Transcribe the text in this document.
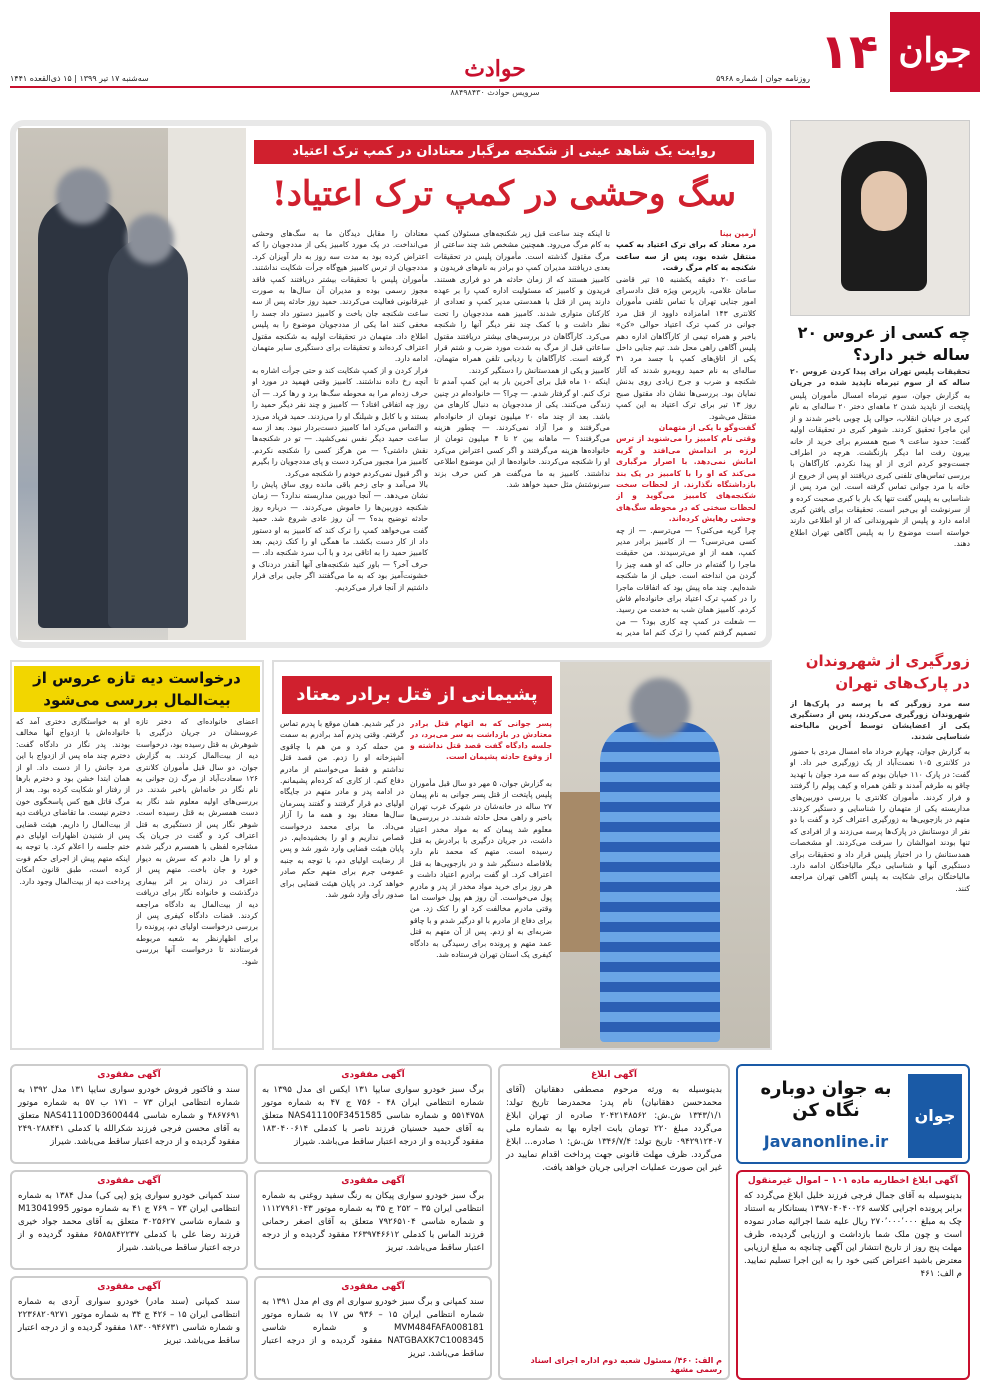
جوان
۱۴
روزنامه جوان | شماره ۵۹۶۸
حوادث
سرویس حوادث ۸۸۴۹۸۴۳۰
سه‌شنبه ۱۷ تیر ۱۳۹۹ | ۱۵ ذی‌القعده ۱۴۴۱
روایت یک شاهد عینی از شکنجه مرگبار معتادان در کمپ ترک اعتیاد
سگ وحشی در کمپ ترک اعتیاد!
آرمین بینا
مرد معتاد که برای ترک اعتیاد به کمپ منتقل شده بود، پس از سه ساعت شکنجه به کام مرگ رفت.
ساعت ۲۰ دقیقه یکشنبه ۱۵ تیر قاضی سامان غلامی، بازپرس ویژه قتل دادسرای امور جنایی تهران با تماس تلفنی مأموران کلانتری ۱۴۳ امامزاده داوود از قتل مرد جوانی در کمپ ترک اعتیاد حوالی «کن» باخبر و همراه تیمی از کارآگاهان اداره دهم پلیس آگاهی راهی محل شد. تیم جنایی داخل یکی از اتاق‌های کمپ با جسد مرد ۳۱ ساله‌ای به نام حمید روبه‌رو شدند که آثار شکنجه و ضرب و جرح زیادی روی بدنش نمایان بود. بررسی‌ها نشان داد مقتول صبح روز ۱۳ تیر برای ترک اعتیاد به این کمپ منتقل می‌شود.
گفت‌وگو با یکی از متهمان
وقتی نام کامبیز را می‌شنوید از ترس لرزه بر اندامش می‌افتد و گریه امانش نمی‌دهد. با اصرار مرگباری می‌کند که او را با کامبیز در یک بند بازداشتگاه نگذارند. از لحظات سخت شکنجه‌های کامبیز می‌گوید و از لحظات سختی که در محوطه سگ‌های وحشی رهایش کرده‌اند.
چرا گریه می‌کنی؟ — می‌ترسم. — از چه کسی می‌ترسی؟ — از کامبیز برادر مدیر کمپ، همه از او می‌ترسیدند. من حقیقت ماجرا را گفته‌ام در حالی که او همه چیز را گردن من انداخته است. خیلی از ما شکنجه شده‌ایم. چند ماه پیش بود که اتفاقات ماجرا را در کمپ ترک اعتیاد برای خانواده‌ام فاش کردم. کامبیز همان شب به خدمت من رسید. — شغلت در کمپ چه کاری بود؟ — من تصمیم گرفتم کمپ را ترک کنم اما مدیر به
تا اینکه چند ساعت قبل زیر شکنجه‌های مسئولان کمپ به کام مرگ می‌رود. همچنین مشخص شد چند ساعتی از مرگ مقتول گذشته است. مأموران پلیس در تحقیقات بعدی دریافتند مدیران کمپ دو برادر به نام‌های فریدون و کامبیز هستند که از زمان حادثه هر دو فراری هستند. فریدون و کامبیز که مسئولیت اداره کمپ را بر عهده دارند پس از قتل با همدستی مدیر کمپ و تعدادی از کارکنان متواری شدند. کامبیز همه مددجویان را تحت نظر داشت و با کمک چند نفر دیگر آنها را شکنجه می‌کرد. کارآگاهان در بررسی‌های بیشتر دریافتند مقتول ساعاتی قبل از مرگ به شدت مورد ضرب و شتم قرار گرفته است. کارآگاهان با ردیابی تلفن همراه متهمان، کامبیز و یکی از همدستانش را دستگیر کردند.
اینکه ۱۰ ماه قبل برای آخرین بار به این کمپ آمدم تا ترک کنم. او گرفتار شدم. — چرا؟ — خانواده‌ام در چنین زندگی می‌کنند. یکی از مددجویان به دنبال کارهای من باشد. بعد از چند ماه ۲۰ میلیون تومان از خانواده‌ام می‌گرفتند و مرا آزاد نمی‌کردند. — چطور هزینه می‌گرفتند؟ — ماهانه بین ۲ تا ۴ میلیون تومان از خانواده‌ها هزینه می‌گرفتند و اگر کسی اعتراض می‌کرد او را شکنجه می‌کردند. خانواده‌ها از این موضوع اطلاعی نداشتند. کامبیز به ما می‌گفت هر کس حرف بزند سرنوشتش مثل حمید خواهد شد.
معتادان را مقابل دیدگان ما به سگ‌های وحشی می‌انداخت. در یک مورد کامبیز یکی از مددجویان را که اعتراض کرده بود به مدت سه روز به دار آویزان کرد. مددجویان از ترس کامبیز هیچ‌گاه جرأت شکایت نداشتند. مأموران پلیس با تحقیقات بیشتر دریافتند کمپ فاقد مجوز رسمی بوده و مدیران آن سال‌ها به صورت غیرقانونی فعالیت می‌کردند. حمید روز حادثه پس از سه ساعت شکنجه جان باخت و کامبیز دستور داد جسد را مخفی کنند اما یکی از مددجویان موضوع را به پلیس اطلاع داد. متهمان در تحقیقات اولیه به شکنجه مقتول اعتراف کرده‌اند و تحقیقات برای دستگیری سایر متهمان ادامه دارد.
فرار کردن و از کمپ شکایت کند و حتی جرأت اشاره به آنچه رخ داده نداشتند. کامبیز وقتی فهمید در مورد او حرف زده‌ام مرا به محوطه سگ‌ها برد و رها کرد. — آن روز چه اتفاقی افتاد؟ — کامبیز و چند نفر دیگر حمید را بستند و با کابل و شیلنگ او را می‌زدند. حمید فریاد می‌زد و التماس می‌کرد اما کامبیز دست‌بردار نبود. بعد از سه ساعت حمید دیگر نفس نمی‌کشید. — تو در شکنجه‌ها نقش داشتی؟ — من هرگز کسی را شکنجه نکردم. کامبیز مرا مجبور می‌کرد دست و پای مددجویان را بگیرم و اگر قبول نمی‌کردم خودم را شکنجه می‌کرد.
بالا می‌آمد و جای زخم باقی مانده روی ساق پایش را نشان می‌دهد. — آنجا دوربین مداربسته ندارد؟ — زمان شکنجه دوربین‌ها را خاموش می‌کردند. — درباره روز حادثه توضیح بده؟ — آن روز عادی شروع شد. حمید گفت می‌خواهد کمپ را ترک کند که کامبیز به او دستور داد از کار دست بکشد. ما همگی او را کتک زدیم. بعد کامبیز حمید را به اتاقی برد و با آب سرد شکنجه داد. — حرف آخر؟ — باور کنید شکنجه‌های آنها آنقدر دردناک و خشونت‌آمیز بود که به ما می‌گفتند اگر جایی برای فرار داشتیم از آنجا فرار می‌کردیم.
چه کسی از عروس ۲۰ ساله خبر دارد؟
تحقیقات پلیس تهران برای پیدا کردن عروس ۲۰ ساله که از سوم تیرماه ناپدید شده در جریان
به گزارش جوان، سوم تیرماه امسال مأموران پلیس پایتخت از ناپدید شدن ۲ ماهه‌ای دختر ۲۰ ساله‌ای به نام کبری در خیابان انقلاب، حوالی پل چوبی باخبر شدند و از این ماجرا تحقیق کردند. شوهر کبری در تحقیقات اولیه گفت: حدود ساعت ۹ صبح همسرم برای خرید از خانه بیرون رفت اما دیگر بازنگشت. هرچه در اطراف جست‌وجو کردم اثری از او پیدا نکردم. کارآگاهان با بررسی تماس‌های تلفنی کبری دریافتند او پس از خروج از خانه با مرد جوانی تماس گرفته است. این مرد پس از شناسایی به پلیس گفت تنها یک بار با کبری صحبت کرده و از سرنوشت او بی‌خبر است. تحقیقات برای یافتن کبری ادامه دارد و پلیس از شهروندانی که از او اطلاعی دارند خواسته است موضوع را به پلیس آگاهی تهران اطلاع دهند.
زورگیری از شهروندان در پارک‌های تهران
سه مرد زورگیر که با پرسه در پارک‌ها از شهروندان زورگیری می‌کردند، پس از دستگیری یکی از اعضایشان توسط آخرین مالباخته شناسایی شدند.
به گزارش جوان، چهارم خرداد ماه امسال مردی با حضور در کلانتری ۱۰۵ نعمت‌آباد از یک زورگیری خبر داد. او گفت: در پارک ۱۱۰ خیابان بودم که سه مرد جوان با تهدید چاقو به طرفم آمدند و تلفن همراه و کیف پولم را گرفتند و فرار کردند. مأموران کلانتری با بررسی دوربین‌های مداربسته یکی از متهمان را شناسایی و دستگیر کردند. متهم در بازجویی‌ها به زورگیری اعتراف کرد و گفت با دو نفر از دوستانش در پارک‌ها پرسه می‌زدند و از افرادی که تنها بودند اموالشان را سرقت می‌کردند. او مشخصات همدستانش را در اختیار پلیس قرار داد و تحقیقات برای دستگیری آنها و شناسایی دیگر مالباختگان ادامه دارد. مالباختگان برای شکایت به پلیس آگاهی تهران مراجعه کنند.
پشیمانی از قتل برادر معتاد
پسر جوانی که به اتهام قتل برادر معتادش در بازداشت به سر می‌برد، در جلسه دادگاه گفت قصد قتل نداشته و از وقوع حادثه پشیمان است.
به گزارش جوان، ۵ مهر دو سال قبل مأموران پلیس پایتخت از قتل پسر جوانی به نام پیمان ۲۷ ساله در خانه‌شان در شهرک غرب تهران باخبر و راهی محل حادثه شدند. در بررسی‌ها معلوم شد پیمان که به مواد مخدر اعتیاد داشت، در جریان درگیری با برادرش به قتل رسیده است. متهم که محمد نام دارد بلافاصله دستگیر شد و در بازجویی‌ها به قتل اعتراف کرد. او گفت برادرم اعتیاد داشت و هر روز برای خرید مواد مخدر از پدر و مادرم پول می‌خواست. آن روز هم پول خواست اما وقتی مادرم مخالفت کرد او را کتک زد. من برای دفاع از مادرم با او درگیر شدم و با چاقو ضربه‌ای به او زدم. پس از آن متهم به قتل عمد متهم و پرونده برای رسیدگی به دادگاه کیفری یک استان تهران فرستاده شد.
در گیر شدیم. همان موقع با پدرم تماس گرفتم. وقتی پدرم آمد برادرم به سمت من حمله کرد و من هم با چاقوی آشپزخانه او را زدم. من قصد قتل نداشتم و فقط می‌خواستم از مادرم دفاع کنم. از کاری که کرده‌ام پشیمانم. در ادامه پدر و مادر متهم در جایگاه اولیای دم قرار گرفتند و گفتند پسرمان سال‌ها معتاد بود و همه ما را آزار می‌داد. ما برای محمد درخواست قصاص نداریم و او را بخشیده‌ایم. در پایان هیئت قضایی وارد شور شد و پس از رضایت اولیای دم، با توجه به جنبه عمومی جرم برای متهم حکم صادر خواهد کرد. در پایان هیئت قضایی برای صدور رأی وارد شور شد.
درخواست دیه تازه عروس از بیت‌المال بررسی می‌شود
اعضای خانواده‌ای که دختر تازه عروسشان در جریان درگیری با شوهرش به قتل رسیده بود، درخواست دیه از بیت‌المال کردند. به گزارش جوان، دو سال قبل مأموران کلانتری ۱۲۶ سعادت‌آباد از مرگ زن جوانی به نام نگار در خانه‌اش باخبر شدند. در بررسی‌های اولیه معلوم شد نگار به دست همسرش به قتل رسیده است. شوهر نگار پس از دستگیری به قتل اعتراف کرد و گفت در جریان یک مشاجره لفظی با همسرم درگیر شدم و او را هل دادم که سرش به دیوار خورد و جان باخت. متهم پس از اعتراف در زندان بر اثر بیماری درگذشت و خانواده نگار برای دریافت دیه از بیت‌المال به دادگاه مراجعه کردند. قضات دادگاه کیفری پس از بررسی درخواست اولیای دم، پرونده را برای اظهارنظر به شعبه مربوطه فرستادند تا درخواست آنها بررسی شود.
او به خواستگاری دختری آمد که خانواده‌اش با ازدواج آنها مخالف بودند. پدر نگار در دادگاه گفت: دخترم چند ماه پس از ازدواج با این مرد جانش را از دست داد. او از همان ابتدا خشن بود و دخترم بارها از رفتار او شکایت کرده بود. بعد از مرگ قاتل هیچ کس پاسخگوی خون دخترم نیست. ما تقاضای دریافت دیه از بیت‌المال را داریم. هیئت قضایی پس از شنیدن اظهارات اولیای دم ختم جلسه را اعلام کرد. با توجه به اینکه متهم پیش از اجرای حکم فوت کرده است، طبق قانون امکان پرداخت دیه از بیت‌المال وجود دارد.
آگهی مفقودی
سند و فاکتور فروش خودرو سواری سایپا ۱۳۱ مدل ۱۳۹۲ به شماره انتظامی ایران ۷۳ – ۱۷۱ ب ۵۷ به شماره موتور ۴۸۶۷۶۹۱ و شماره شاسی NAS411100D3600444 متعلق به آقای محسن فرجی فرزند شکرالله با کدملی ۲۴۹۰۲۸۸۴۴۱ مفقود گردیده و از درجه اعتبار ساقط می‌باشد. شیراز
آگهی مفقودی
برگ سبز خودرو سواری سایپا ۱۳۱ ایکس ای مدل ۱۳۹۵ به شماره انتظامی ایران ۴۸ - ۷۵۶ ج ۴۷ به شماره موتور ۵۵۱۴۷۵۸ و شماره شاسی NAS411100F3451585 متعلق به آقای حمید حسنیان فرزند ناصر با کدملی ۱۸۳۰۴۰۰۶۱۴ مفقود گردیده و از درجه اعتبار ساقط می‌باشد. شیراز
آگهی ابلاغ
بدینوسیله به ورثه مرحوم مصطفی دهقانیان (آقای محمدحسن دهقانیان) نام پدر: محمدرضا تاریخ تولد: ۱۳۴۳/۱/۱ ش.ش: ۲۰۴۲۱۴۸۵۶۲ صادره از تهران ابلاغ می‌گردد مبلغ ۲۲۰ تومان بابت اجاره بها به شماره ملی ۰۹۴۲۹۱۲۴۰۷ تاریخ تولد: ۱۳۴۶/۷/۴ ش.ش: ۱ صادره... ابلاغ می‌گردد. ظرف مهلت قانونی جهت پرداخت اقدام نمایید در غیر این صورت عملیات اجرایی جریان خواهد یافت.
م الف: ۴۶۰/ مسئول شعبه دوم اداره اجرای اسناد رسمی مشهد
آگهی مفقودی
سند کمپانی خودرو سواری پژو (پی کی) مدل ۱۳۸۴ به شماره انتظامی ایران ۷۳ – ۷۶۹ ج ۴۱ به شماره موتور M13041995 و شماره شاسی ۳۰۲۵۶۲۷ متعلق به آقای محمد جواد خیری فرزند رضا علی با کدملی ۶۵۸۵۸۴۲۲۳۷ مفقود گردیده و از درجه اعتبار ساقط می‌باشد. شیراز
آگهی مفقودی
برگ سبز خودرو سواری پیکان به رنگ سفید روغنی به شماره انتظامی ایران ۳۵ – ۲۵۲ ج ۳۵ به شماره موتور ۱۱۱۲۷۹۶۱۰۴۳ و شماره شاسی ۷۹۲۶۵۱۰۴ متعلق به آقای اصغر رحمانی فرزند الماس با کدملی ۲۶۳۹۷۴۶۶۱۲ مفقود گردیده و از درجه اعتبار ساقط می‌باشد. تبریز
آگهی مفقودی
سند کمپانی (سند مادر) خودرو سواری آردی به شماره انتظامی ایران ۱۵ – ۴۲۶ ج ۳۴ به شماره موتور ۲۲۳۶۸۲۰۹۲۷۱ و شماره شاسی ۱۸۳۰۰۹۴۶۷۳۱ مفقود گردیده و از درجه اعتبار ساقط می‌باشد. تبریز
آگهی مفقودی
سند کمپانی و برگ سبز خودرو سواری ام وی ام مدل ۱۳۹۱ به شماره انتظامی ایران ۱۵ – ۹۳۶ س ۱۷ به شماره موتور MVM484FAFA008181 و شماره شاسی NATGBAXK7C1008345 مفقود گردیده و از درجه اعتبار ساقط می‌باشد. تبریز
جوان
به جوان دوباره نگاه کن
Javanonline.ir
آگهی ابلاغ اخطاریه ماده ۱۰۱ – اموال غیرمنقول
بدینوسیله به آقای جمال فرجی فرزند خلیل ابلاغ می‌گردد که برابر پرونده اجرایی کلاسه ۱۳۹۷۰۴۰۴۰۰۲۶ بستانکار به استناد چک به مبلغ ۲۷۰٬۰۰۰٬۰۰۰ ریال علیه شما اجرائیه صادر نموده است و چون ملک شما بازداشت و ارزیابی گردیده، ظرف مهلت پنج روز از تاریخ انتشار این آگهی چنانچه به مبلغ ارزیابی معترض باشید اعتراض کتبی خود را به این اجرا تسلیم نمایید. م الف: ۴۶۱
